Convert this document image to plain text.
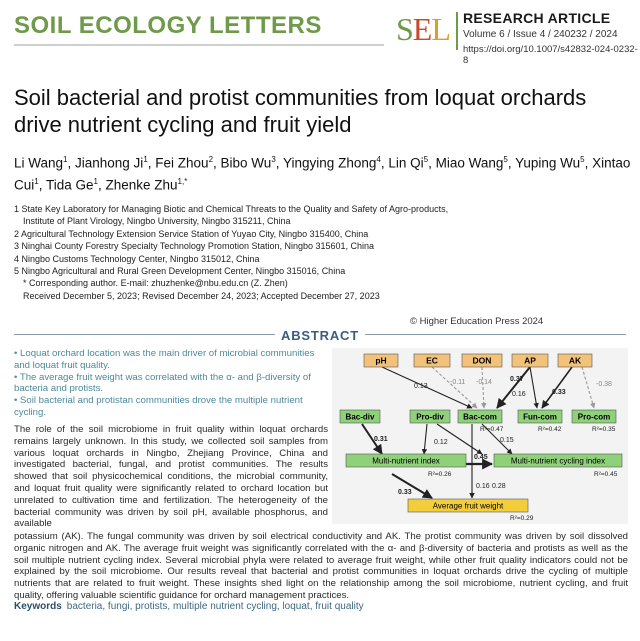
SOIL ECOLOGY LETTERS SEL RESEARCH ARTICLE
Volume 6 / Issue 4 / 240232 / 2024
https://doi.org/10.1007/s42832-024-0232-8
Soil bacterial and protist communities from loquat orchards drive nutrient cycling and fruit yield
Li Wang$^1$, Jianhong Ji$^1$, Fei Zhou$^2$, Bibo Wu$^3$, Yingying Zhong$^4$, Lin Qi$^5$, Miao Wang$^5$, Yuping Wu$^5$, Xintao Cui$^1$, Tida Ge$^1$, Zhenke Zhu$^{1,*}$
1 State Key Laboratory for Managing Biotic and Chemical Threats to the Quality and Safety of Agro-products,
Institute of Plant Virology, Ningbo University, Ningbo 315211, China
2 Agricultural Technology Extension Service Station of Yuyao City, Ningbo 315400, China
3 Ninghai County Forestry Specialty Technology Promotion Station, Ningbo 315601, China
4 Ningbo Customs Technology Center, Ningbo 315012, China
5 Ningbo Agricultural and Rural Green Development Center, Ningbo 315016, China
* Corresponding author. E-mail: zhuzhenke@nbu.edu.cn (Z. Zhen)
Received December 5, 2023; Revised December 24, 2023; Accepted December 27, 2023
© Higher Education Press 2024
ABSTRACT

• Loquat orchard location was the main driver of microbial communities and loquat fruit quality.

• The average fruit weight was correlated with the α- and β-diversity of bacteria and protists.

• Soil bacterial and protistan communities drove the multiple nutrient cycling.

The role of the soil microbiome in fruit quality within loquat orchards remains largely unknown. In this study, we collected soil samples from various loquat orchards in Ningbo, Zhejiang Province, China and investigated bacterial, fungal, and protist communities. The results showed that soil physicochemical conditions, the microbial community, and loquat fruit quality were significantly related to orchard location but unrelated to cultivation time and fertilization. The heterogeneity of the bacterial community was driven by soil pH, available phosphorus, and available
potassium (AK). The fungal community was driven by soil electrical conductivity and AK. The protist community was driven by soil dissolved organic nitrogen and AK. The average fruit weight was significantly correlated with the α- and β-diversity of bacteria and protists as well as the soil multiple nutrient cycling index. Several microbial phyla were related to average fruit weight, while other fruit quality indicators could not be explained by the soil microbiome. Our results reveal that bacterial and protist communities in loquat orchards drive the cycling of multiple nutrients that are related to fruit weight. These insights shed light on the relationship among the soil microbiome, nutrient cycling, and fruit quality, offering valuable scientific guidance for orchard management practices.
Keywords bacteria, fungi, protists, multiple nutrient cycling, loquat, fruit quality
pH	EC	DON	AP	AK
Bac-div	Pro-div Bac-com	Fun-com	Pro-com
Multi-nutrient index	Multi-nutrient cycling index
Average fruit weight
R²=0.47	R²=0.42	R²=0.35
R²=0.26	R²=0.45
R²=0.29
0.13
-0.11 -0.14	0.37
0.16	0.33
-0.38
0.31	0.12	0.15
0.45
0.16
0.33
0.28
